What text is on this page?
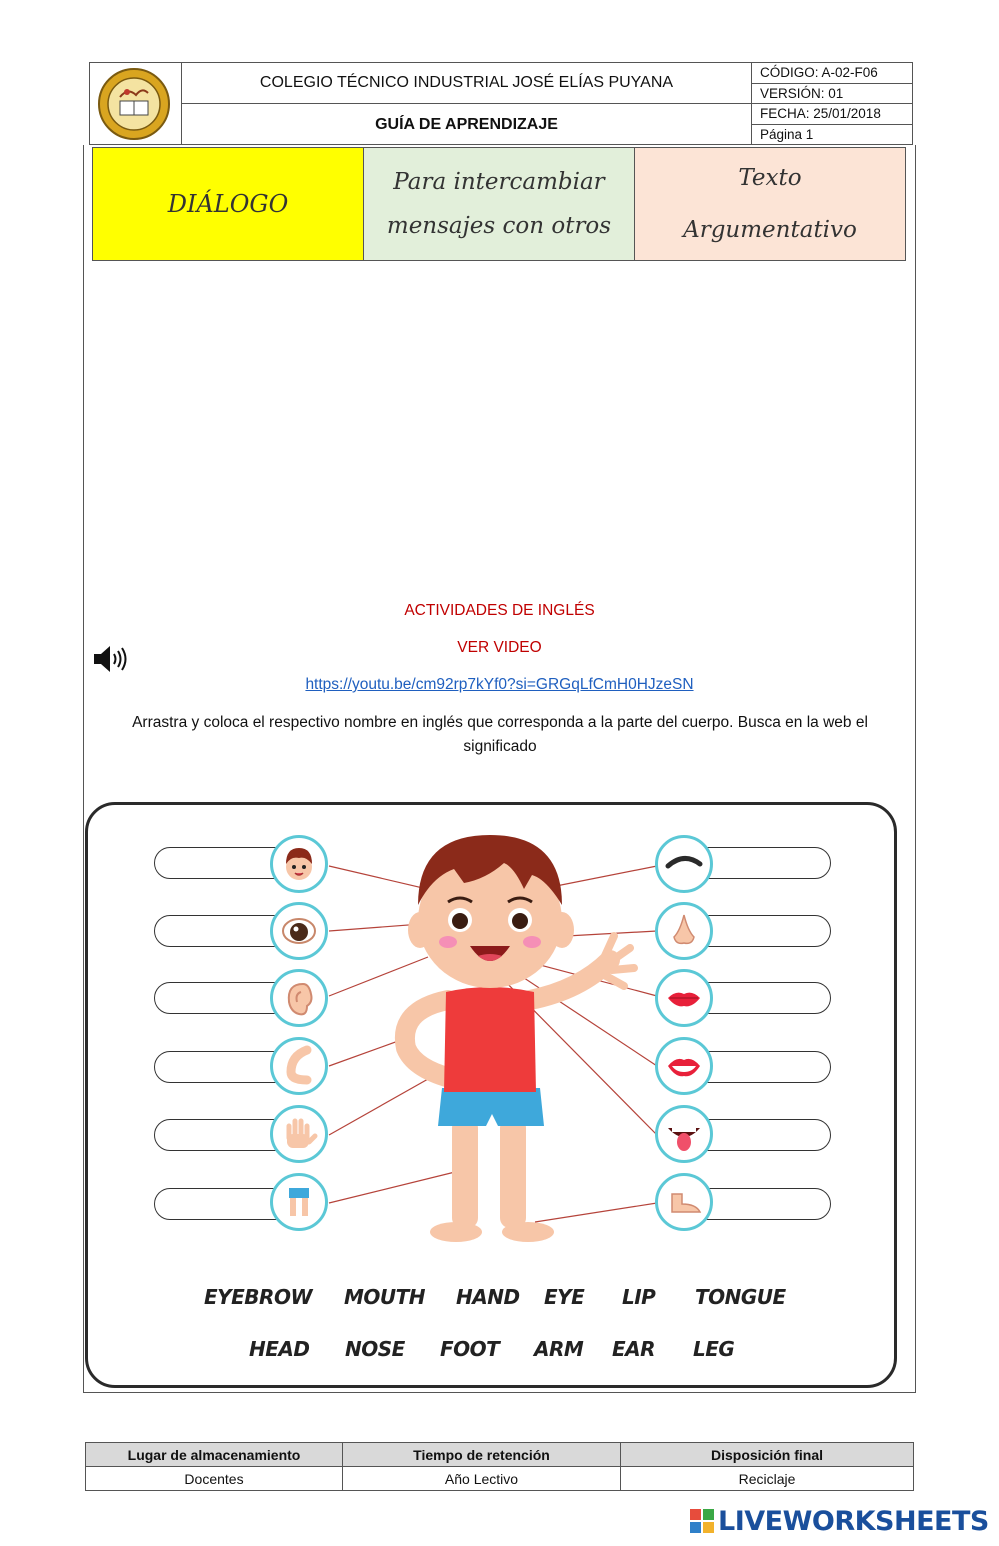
COLEGIO TÉCNICO INDUSTRIAL JOSÉ ELÍAS PUYANA
GUÍA DE APRENDIZAJE
CÓDIGO: A-02-F06
VERSIÓN: 01
FECHA: 25/01/2018
Página 1
DIÁLOGO
Para intercambiar
mensajes con otros
Texto
Argumentativo
ACTIVIDADES DE INGLÉS
VER VIDEO
https://youtu.be/cm92rp7kYf0?si=GRGqLfCmH0HJzeSN
Arrastra y coloca el respectivo nombre en inglés que corresponda a la parte del cuerpo. Busca en la web el significado
EYEBROW MOUTH HAND EYE LIP TONGUE
HEAD NOSE FOOT ARM EAR LEG
Lugar de almacenamiento	Tiempo de retención	Disposición final
Docentes	Año Lectivo	Reciclaje
LIVEWORKSHEETS
